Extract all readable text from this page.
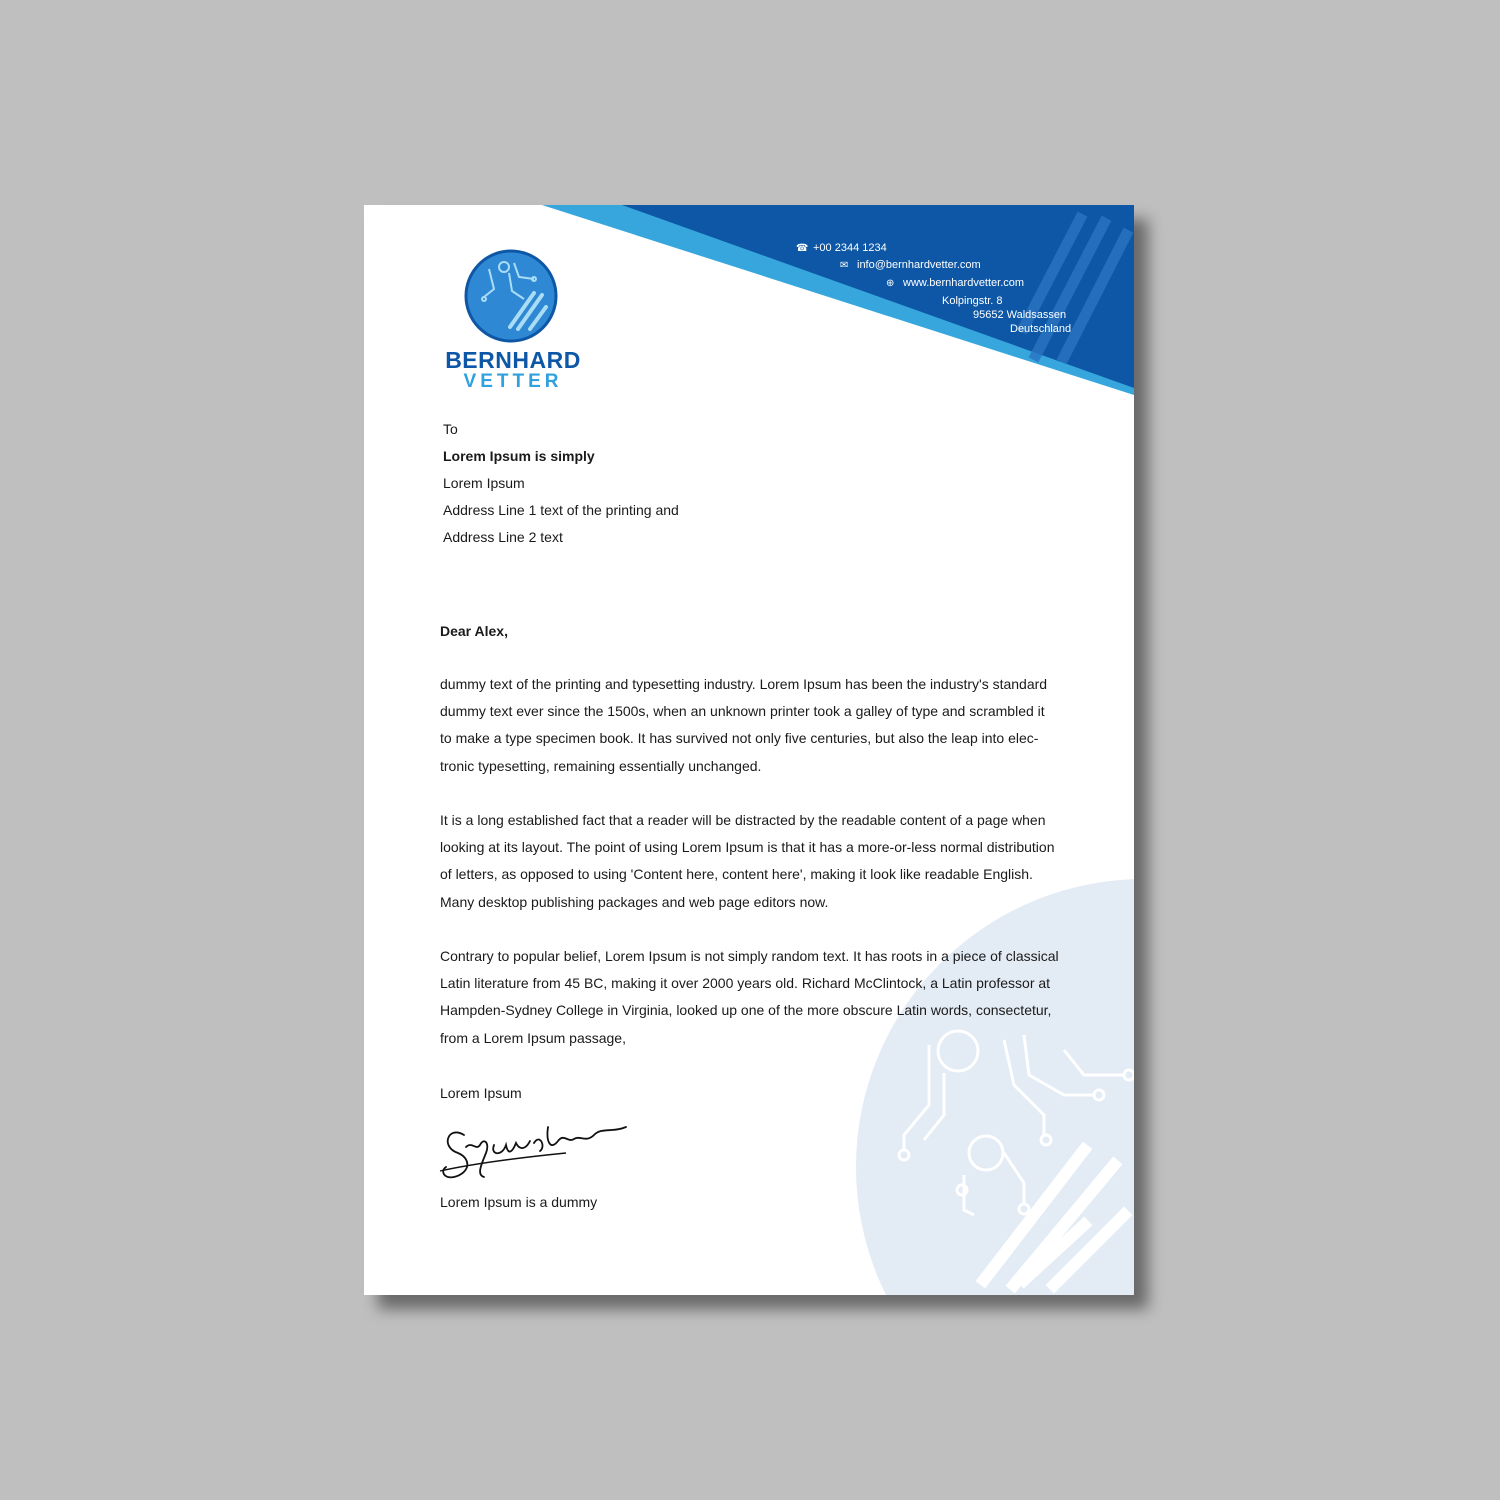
BERNHARD
VETTER
☎ +00 2344 1234
✉ info@bernhardvetter.com
⊕ www.bernhardvetter.com
Kolpingstr. 8
95652 Waldsassen
Deutschland
To
Lorem Ipsum is simply
Lorem Ipsum
Address Line 1 text of the printing and
Address Line 2 text
Dear Alex,
dummy text of the printing and typesetting industry. Lorem Ipsum has been the industry's standard
dummy text ever since the 1500s, when an unknown printer took a galley of type and scrambled it
to make a type specimen book. It has survived not only five centuries, but also the leap into elec-
tronic typesetting, remaining essentially unchanged.
It is a long established fact that a reader will be distracted by the readable content of a page when
looking at its layout. The point of using Lorem Ipsum is that it has a more-or-less normal distribution
of letters, as opposed to using 'Content here, content here', making it look like readable English.
Many desktop publishing packages and web page editors now.
Contrary to popular belief, Lorem Ipsum is not simply random text. It has roots in a piece of classical
Latin literature from 45 BC, making it over 2000 years old. Richard McClintock, a Latin professor at
Hampden-Sydney College in Virginia, looked up one of the more obscure Latin words, consectetur,
from a Lorem Ipsum passage,
Lorem Ipsum
Lorem Ipsum is a dummy
